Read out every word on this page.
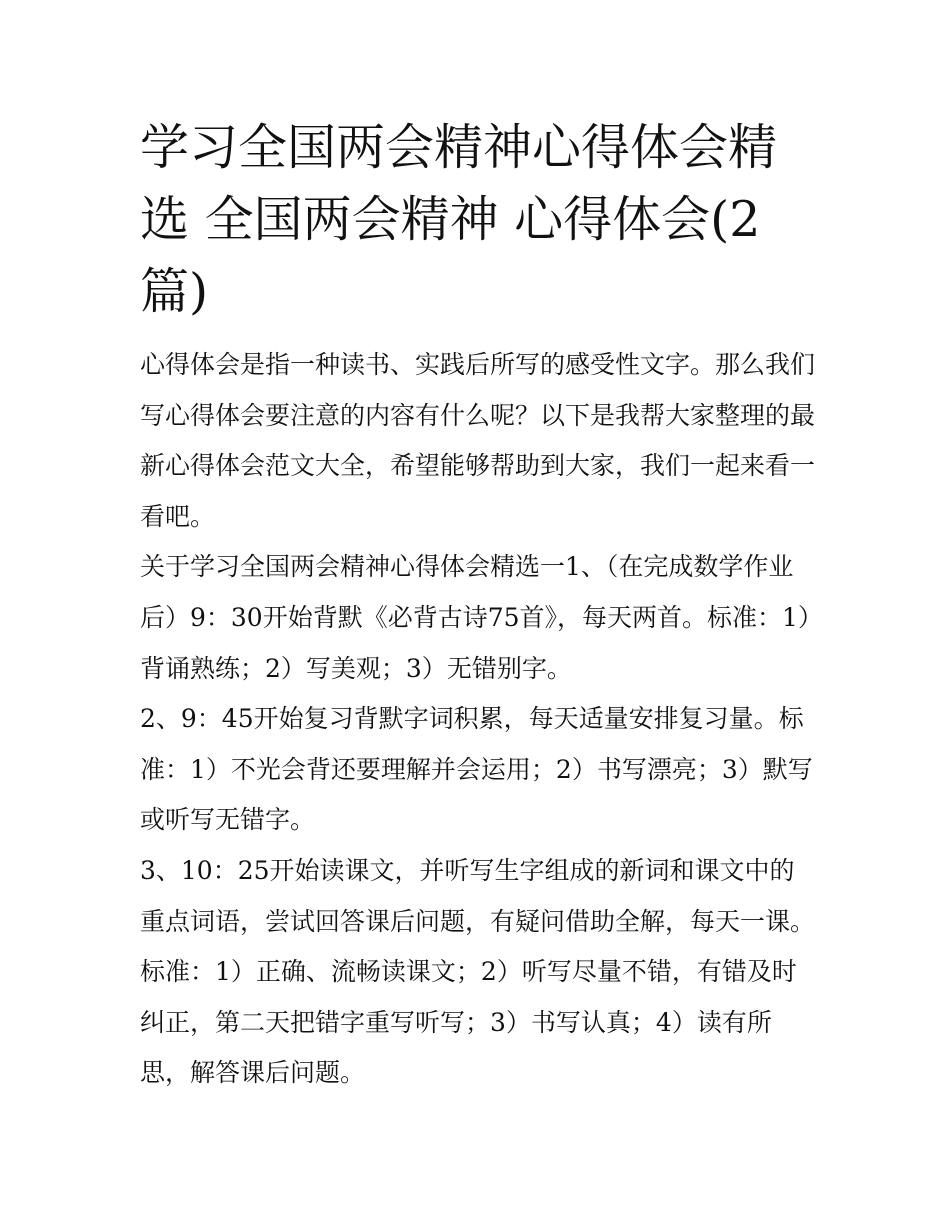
学习全国两会精神心得体会精选 全国两会精神 心得体会(2篇)

心得体会是指一种读书、实践后所写的感受性文字。那么我们写心得体会要注意的内容有什么呢？以下是我帮大家整理的最新心得体会范文大全，希望能够帮助到大家，我们一起来看一看吧。

关于学习全国两会精神心得体会精选一1、（在完成数学作业后）9：30开始背默《必背古诗75首》，每天两首。标准：1）背诵熟练；2）写美观；3）无错别字。

2、9：45开始复习背默字词积累，每天适量安排复习量。标准：1）不光会背还要理解并会运用；2）书写漂亮；3）默写或听写无错字。

3、10：25开始读课文，并听写生字组成的新词和课文中的重点词语，尝试回答课后问题，有疑问借助全解，每天一课。标准：1）正确、流畅读课文；2）听写尽量不错，有错及时纠正，第二天把错字重写听写；3）书写认真；4）读有所思，解答课后问题。
